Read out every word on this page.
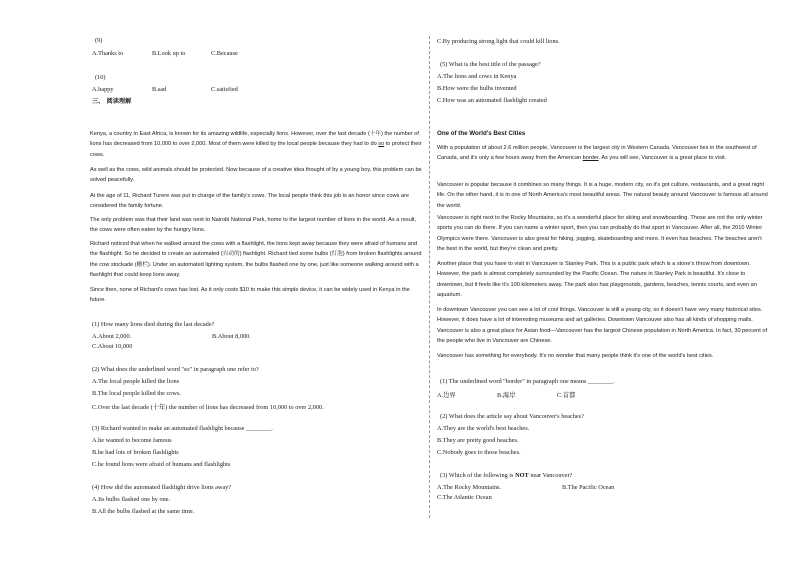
(9)
A.Thanks to	B.Look up to	C.Because
(10)
A.happy	B.sad	C.satisfied
三、 阅读理解
Kenya, a country in East Africa, is known for its amazing wildlife, especially lions. However, over the last decade (十年) the number of lions has decreased from 10,000 to over 2,000. Most of them were killed by the local people because they had to do so to protect their cows.
As well as the cows, wild animals should be protected. Now because of a creative idea thought of by a young boy, this problem can be solved peacefully.
At the age of 11, Richard Turere was put in charge of the family's cows. The local people think this job is an honor since cows are considered the family fortune.
The only problem was that their land was next to Nairobi National Park, home to the largest number of lions in the world. As a result, the cows were often eaten by the hungry lions.
Richard noticed that when he walked around the cows with a flashlight, the lions kept away because they were afraid of humans and the flashlight. So he decided to create an automated (自动的) flashlight. Richard tied some bulbs (灯泡) from broken flashlights around the cow stockade (栅栏). Under an automated lighting system, the bulbs flashed one by one, just like someone walking around with a flashlight that could keep lions away.
Since then, none of Richard's cows has lost. As it only costs $10 to make this simple device, it can be widely used in Kenya in the future.
(1) How many lions died during the last decade?
A.About 2,000.	B.About 8,000.
C.About 10,000
(2) What does the underlined word "so" in paragraph one refer to?
A.The local people killed the lions
B.The local people killed the cows.
C.Over the last decade (十年) the number of lions has decreased from 10,000 to over 2,000.
(3) Richard wanted to make an automated flashlight because ________.
A.he wanted to become famous
B.he had lots of broken flashlights
C.he found lions were afraid of humans and flashlights
(4) How did the automated flashlight drive lions away?
A.Its bulbs flashed one by one.
B.All the bulbs flashed at the same time.
C.By producing strong light that could kill lions.
(5) What is the best title of the passage?
A.The lions and cows in Kenya
B.How were the bulbs invented
C.How was an automated flashlight created
One of the World's Best Cities
With a population of about 2.6 million people, Vancouver is the largest city in Western Canada. Vancouver lies in the southwest of Canada, and it's only a few hours away from the American border. As you will see, Vancouver is a great place to visit.
Vancouver is popular because it combines so many things. It is a huge, modern city, so it's got culture, restaurants, and a great night life. On the other hand, it is in one of North America's most beautiful areas. The natural beauty around Vancouver is famous all around the world.
Vancouver is right next to the Rocky Mountains, so it's a wonderful place for skiing and snowboarding. Those are not the only winter sports you can do there. If you can name a winter sport, then you can probably do that sport in Vancouver. After all, the 2010 Winter Olympics were there. Vancouver is also great for hiking, jogging, skateboarding and more. It even has beaches. The beaches aren't the best in the world, but they're clean and pretty.
Another place that you have to visit in Vancouver is Stanley Park. This is a public park which is a stone's throw from downtown. However, the park is almost completely surrounded by the Pacific Ocean. The nature in Stanley Park is beautiful. It's close to downtown, but it feels like it's 100 kilometers away. The park also has playgrounds, gardens, beaches, tennis courts, and even an aquarium.
In downtown Vancouver you can see a lot of cool things. Vancouver is still a young city, so it doesn't have very many historical sites. However, it does have a lot of interesting museums and art galleries. Downtown Vancouver also has all kinds of shopping malls. Vancouver is also a great place for Asian food—Vancouver has the largest Chinese population in North America. In fact, 30 percent of the people who live in Vancouver are Chinese.
Vancouver has something for everybody. It's no wonder that many people think it's one of the world's best cities.
(1) The underlined word "border" in paragraph one means ________.
A.边界	B.海岸	C.首都
(2) What does the article say about Vancouver's beaches?
A.They are the world's best beaches.
B.They are pretty good beaches.
C.Nobody goes to those beaches.
(3) Which of the following is NOT near Vancouver?
A.The Rocky Mountains.	B.The Pacific Ocean
C.The Atlantic Ocean
